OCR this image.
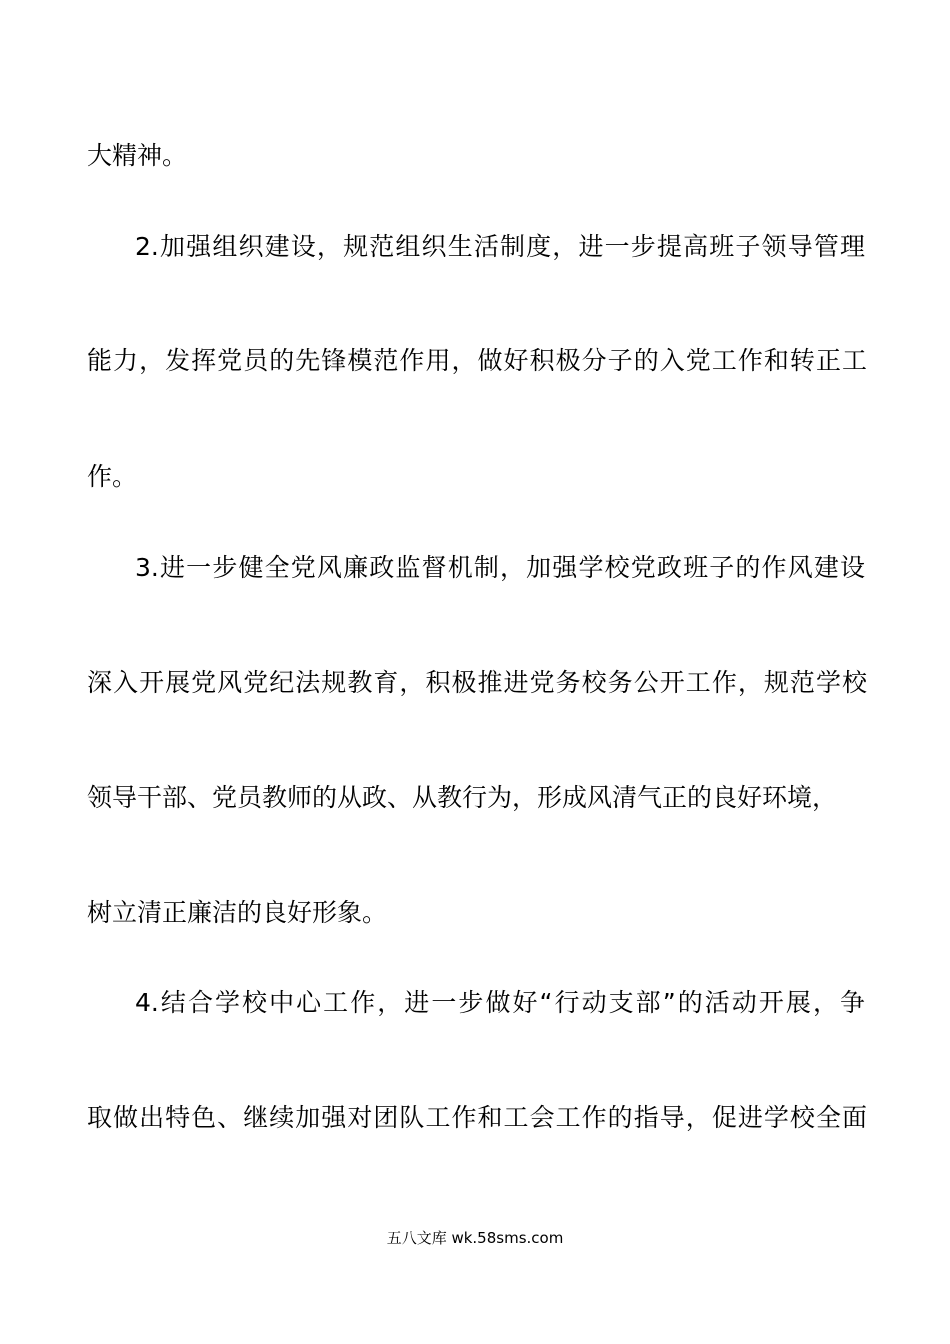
大精神。
2.加强组织建设，规范组织生活制度，进一步提高班子领导管理
能力，发挥党员的先锋模范作用，做好积极分子的入党工作和转正工
作。
3.进一步健全党风廉政监督机制，加强学校党政班子的作风建设
深入开展党风党纪法规教育，积极推进党务校务公开工作，规范学校
领导干部、党员教师的从政、从教行为，形成风清气正的良好环境，
树立清正廉洁的良好形象。
4.结合学校中心工作，进一步做好“行动支部”的活动开展，争
取做出特色、继续加强对团队工作和工会工作的指导，促进学校全面
五八文库 wk.58sms.com
